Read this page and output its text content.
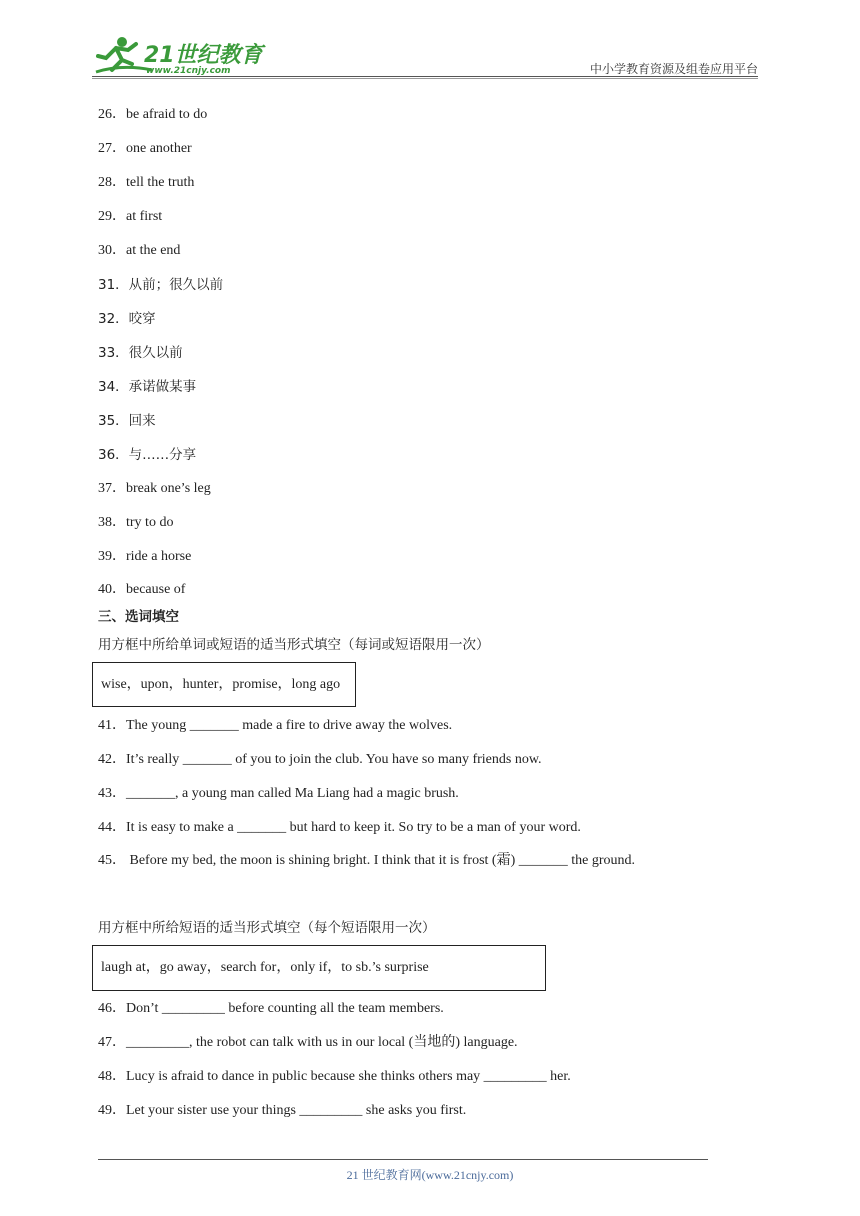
21世纪教育
www.21cnjy.com	中小学教育资源及组卷应用平台
26．be afraid to do
27．one another
28．tell the truth
29．at first
30．at the end
31．从前；很久以前
32．咬穿
33．很久以前
34．承诺做某事
35．回来
36．与……分享
37．break one’s leg
38．try to do
39．ride a horse
40．because of
三、选词填空
用方框中所给单词或短语的适当形式填空（每词或短语限用一次）
wise，upon，hunter，promise，long ago
41．The young _______ made a fire to drive away the wolves.
42．It’s really _______ of you to join the club. You have so many friends now.
43．_______, a young man called Ma Liang had a magic brush.
44．It is easy to make a _______ but hard to keep it. So try to be a man of your word.
45． Before my bed, the moon is shining bright. I think that it is frost (霜) _______ the ground.
用方框中所给短语的适当形式填空（每个短语限用一次）
laugh at，go away，search for，only if，to sb.’s surprise
46．Don’t _________ before counting all the team members.
47．_________, the robot can talk with us in our local (当地的) language.
48．Lucy is afraid to dance in public because she thinks others may _________ her.
49．Let your sister use your things _________ she asks you first.
21 世纪教育网(www.21cnjy.com)
